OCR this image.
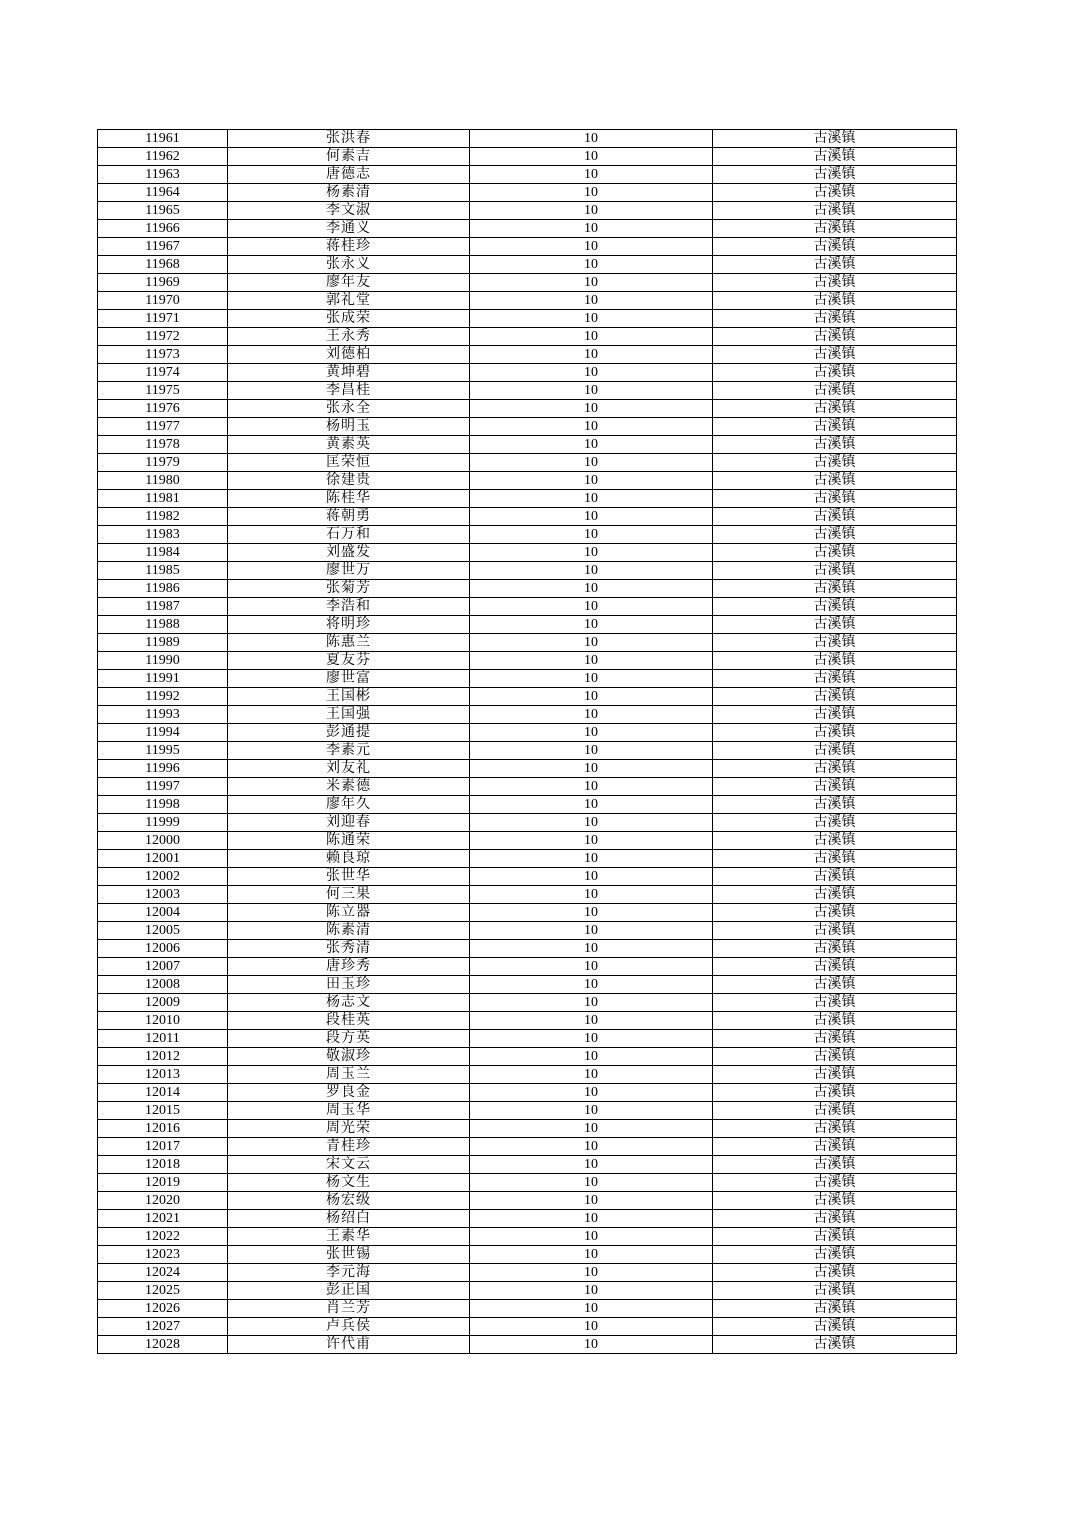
11961	张洪春	10	古溪镇
11962	何素吉	10	古溪镇
11963	唐德志	10	古溪镇
11964	杨素清	10	古溪镇
11965	李文淑	10	古溪镇
11966	李通义	10	古溪镇
11967	蒋桂珍	10	古溪镇
11968	张永义	10	古溪镇
11969	廖年友	10	古溪镇
11970	郭礼堂	10	古溪镇
11971	张成荣	10	古溪镇
11972	王永秀	10	古溪镇
11973	刘德柏	10	古溪镇
11974	黄坤碧	10	古溪镇
11975	李昌桂	10	古溪镇
11976	张永全	10	古溪镇
11977	杨明玉	10	古溪镇
11978	黄素英	10	古溪镇
11979	匡荣恒	10	古溪镇
11980	徐建贵	10	古溪镇
11981	陈桂华	10	古溪镇
11982	蒋朝勇	10	古溪镇
11983	石万和	10	古溪镇
11984	刘盛发	10	古溪镇
11985	廖世万	10	古溪镇
11986	张菊芳	10	古溪镇
11987	李浩和	10	古溪镇
11988	将明珍	10	古溪镇
11989	陈惠兰	10	古溪镇
11990	夏友芬	10	古溪镇
11991	廖世富	10	古溪镇
11992	王国彬	10	古溪镇
11993	王国强	10	古溪镇
11994	彭通提	10	古溪镇
11995	李素元	10	古溪镇
11996	刘友礼	10	古溪镇
11997	米素德	10	古溪镇
11998	廖年久	10	古溪镇
11999	刘迎春	10	古溪镇
12000	陈通荣	10	古溪镇
12001	赖良琼	10	古溪镇
12002	张世华	10	古溪镇
12003	何三果	10	古溪镇
12004	陈立器	10	古溪镇
12005	陈素清	10	古溪镇
12006	张秀清	10	古溪镇
12007	唐珍秀	10	古溪镇
12008	田玉珍	10	古溪镇
12009	杨志文	10	古溪镇
12010	段桂英	10	古溪镇
12011	段方英	10	古溪镇
12012	敬淑珍	10	古溪镇
12013	周玉兰	10	古溪镇
12014	罗良金	10	古溪镇
12015	周玉华	10	古溪镇
12016	周光荣	10	古溪镇
12017	青桂珍	10	古溪镇
12018	宋文云	10	古溪镇
12019	杨文生	10	古溪镇
12020	杨宏级	10	古溪镇
12021	杨绍白	10	古溪镇
12022	王素华	10	古溪镇
12023	张世锡	10	古溪镇
12024	李元海	10	古溪镇
12025	彭正国	10	古溪镇
12026	肖兰芳	10	古溪镇
12027	卢兵侯	10	古溪镇
12028	许代甫	10	古溪镇
